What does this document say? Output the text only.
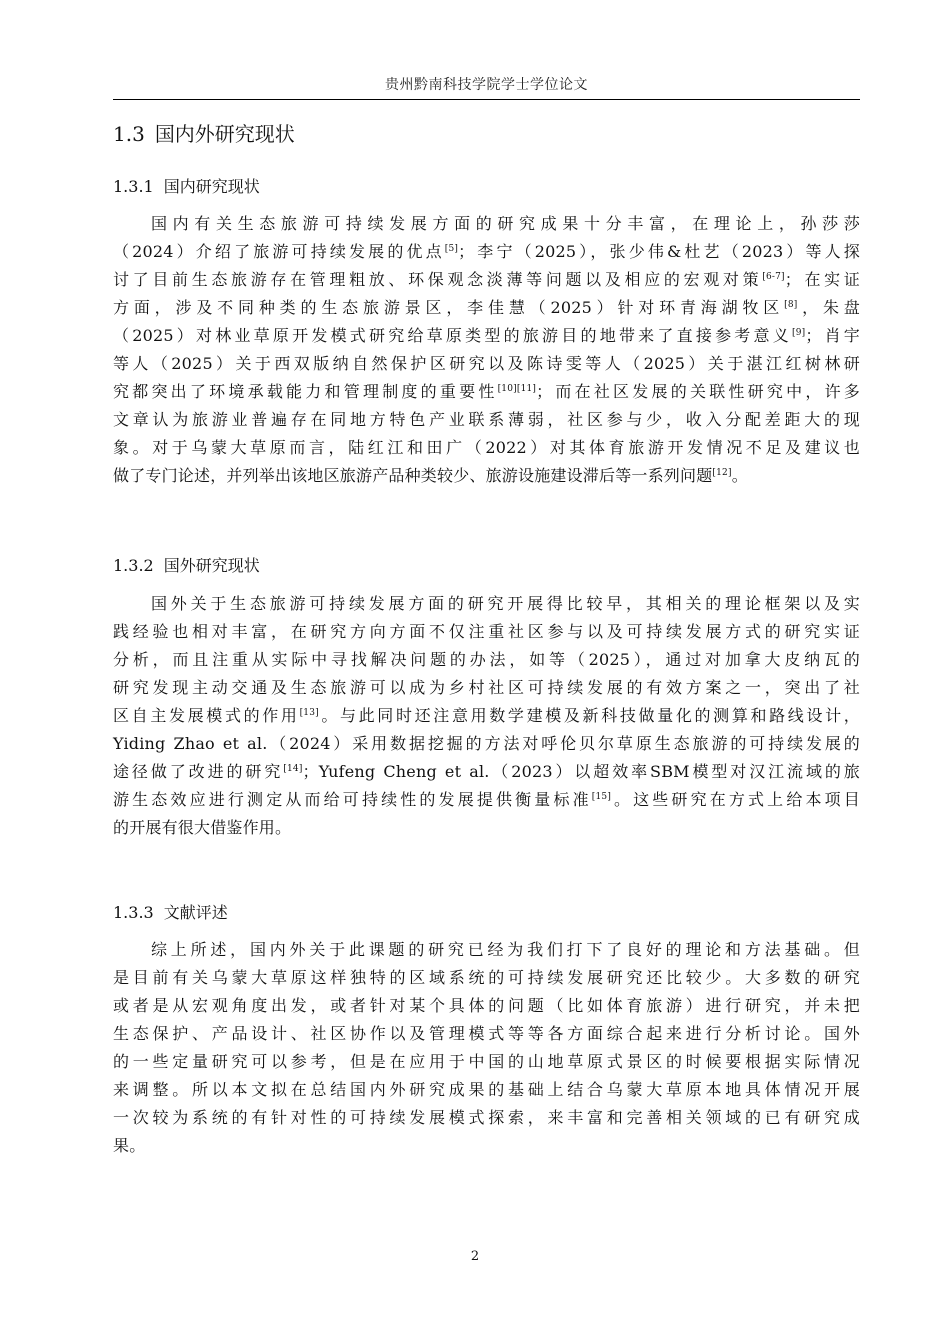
贵州黔南科技学院学士学位论文
1.3 国内外研究现状
1.3.1 国内研究现状
国内有关生态旅游可持续发展方面的研究成果十分丰富，在理论上，孙莎莎
（2024）介绍了旅游可持续发展的优点[5]；李宁（2025），张少伟&杜艺（2023）等人探
讨了目前生态旅游存在管理粗放、环保观念淡薄等问题以及相应的宏观对策[6-7]；在实证
方面，涉及不同种类的生态旅游景区，李佳慧（2025）针对环青海湖牧区[8]，朱盘
（2025）对林业草原开发模式研究给草原类型的旅游目的地带来了直接参考意义[9]；肖宇
等人（2025）关于西双版纳自然保护区研究以及陈诗雯等人（2025）关于湛江红树林研
究都突出了环境承载能力和管理制度的重要性[10][11]；而在社区发展的关联性研究中，许多
文章认为旅游业普遍存在同地方特色产业联系薄弱，社区参与少，收入分配差距大的现
象。对于乌蒙大草原而言，陆红江和田广（2022）对其体育旅游开发情况不足及建议也
做了专门论述，并列举出该地区旅游产品种类较少、旅游设施建设滞后等一系列问题[12]。
1.3.2 国外研究现状
国外关于生态旅游可持续发展方面的研究开展得比较早，其相关的理论框架以及实
践经验也相对丰富，在研究方向方面不仅注重社区参与以及可持续发展方式的研究实证
分析，而且注重从实际中寻找解决问题的办法，如等（2025），通过对加拿大皮纳瓦的
研究发现主动交通及生态旅游可以成为乡村社区可持续发展的有效方案之一，突出了社
区自主发展模式的作用[13]。与此同时还注意用数学建模及新科技做量化的测算和路线设计，
Yiding Zhao et al.（2024）采用数据挖掘的方法对呼伦贝尔草原生态旅游的可持续发展的
途径做了改进的研究[14]；Yufeng Cheng et al.（2023）以超效率SBM模型对汉江流域的旅
游生态效应进行测定从而给可持续性的发展提供衡量标准[15]。这些研究在方式上给本项目
的开展有很大借鉴作用。
1.3.3 文献评述
综上所述，国内外关于此课题的研究已经为我们打下了良好的理论和方法基础。但
是目前有关乌蒙大草原这样独特的区域系统的可持续发展研究还比较少。大多数的研究
或者是从宏观角度出发，或者针对某个具体的问题（比如体育旅游）进行研究，并未把
生态保护、产品设计、社区协作以及管理模式等等各方面综合起来进行分析讨论。国外
的一些定量研究可以参考，但是在应用于中国的山地草原式景区的时候要根据实际情况
来调整。所以本文拟在总结国内外研究成果的基础上结合乌蒙大草原本地具体情况开展
一次较为系统的有针对性的可持续发展模式探索，来丰富和完善相关领域的已有研究成
果。
2
